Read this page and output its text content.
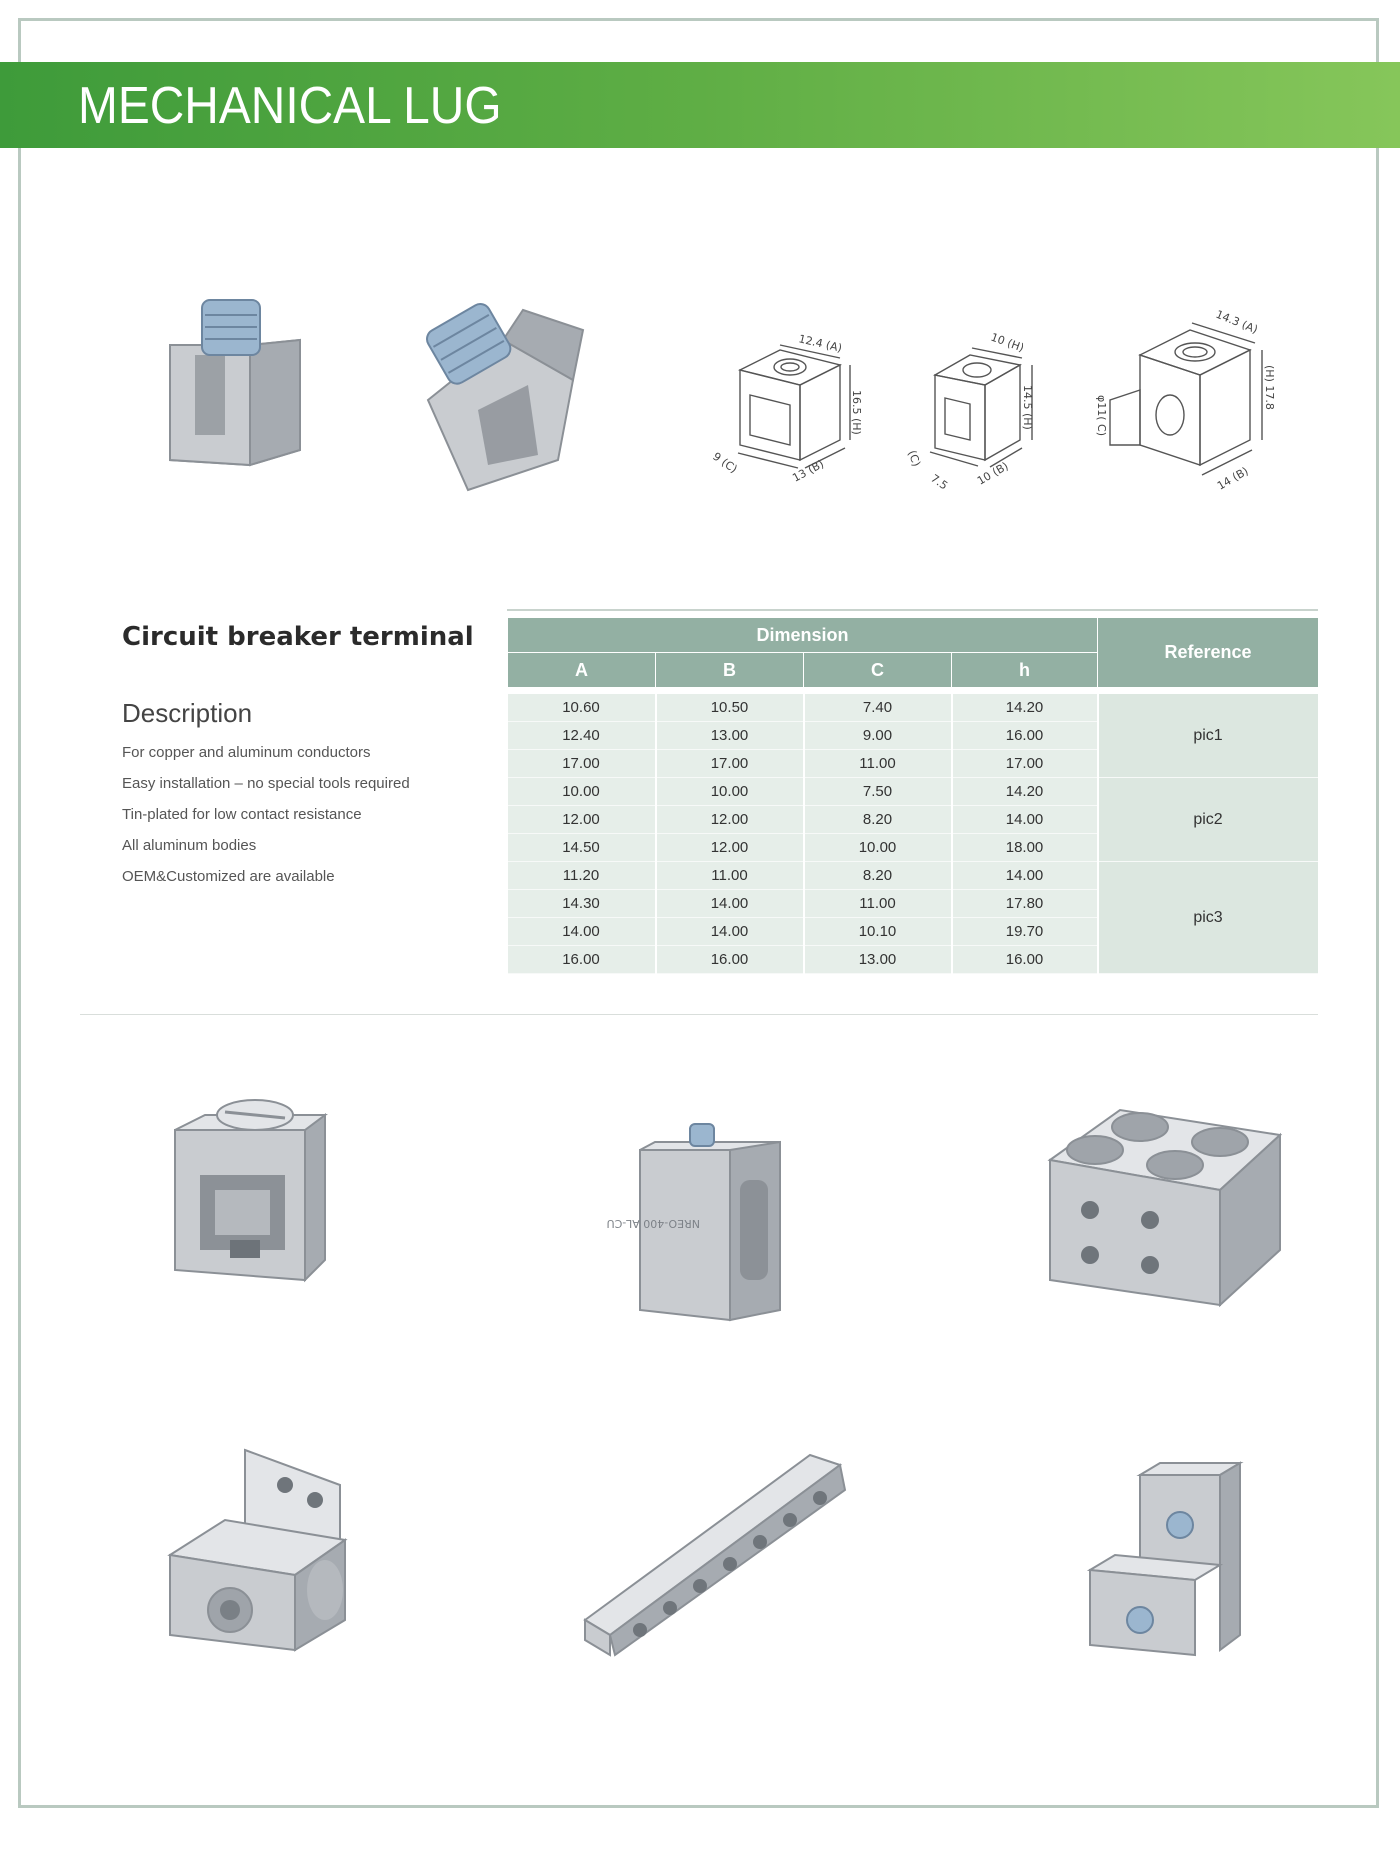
MECHANICAL LUG
12.4 (A)
16.5 (H)
9 (C)	13 (B)
10 (H)
14.5 (H)
(C)
7.5 10 (B)
14.3 (A)
(H) 17.8
φ11( C)
14 (B)
Circuit breaker terminal
Description
For copper and aluminum conductors
Easy installation – no special tools required
Tin-plated for low contact resistance
All aluminum bodies
OEM&Customized are available
Dimension				Reference
A	B	C	h	

10.60	10.50	7.40	14.20	pic1
12.40	13.00	9.00	16.00	
17.00	17.00	11.00	17.00	
10.00	10.00	7.50	14.20	pic2
12.00	12.00	8.20	14.00	
14.50	12.00	10.00	18.00	
11.20	11.00	8.20	14.00	pic3
14.30	14.00	11.00	17.80	
14.00	14.00	10.10	19.70	
16.00	16.00	13.00	16.00	
NREO-400 AL-CU
